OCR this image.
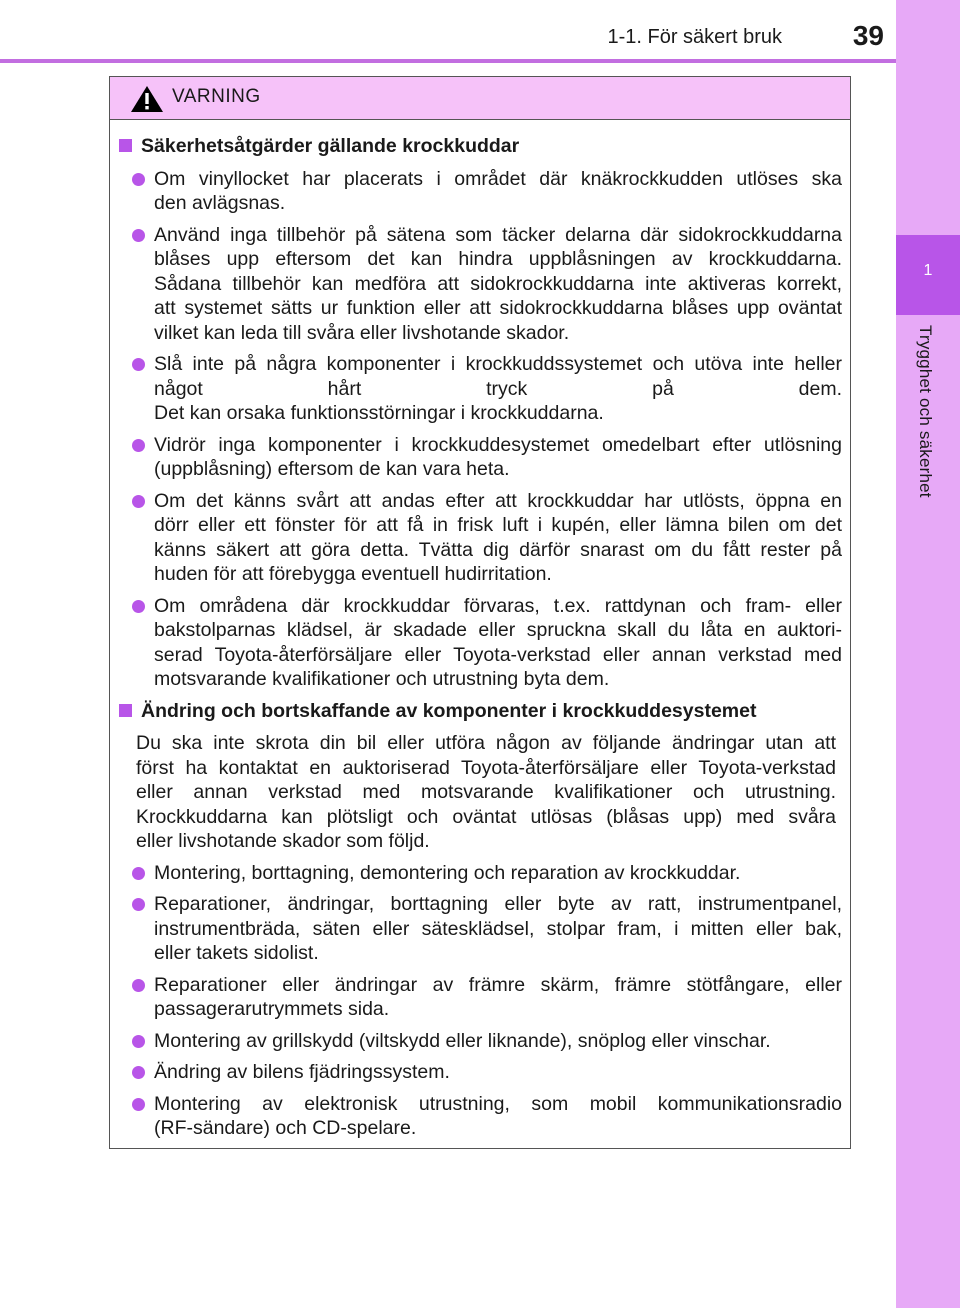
1-1. För säkert bruk	39
1
Trygghet och säkerhet
VARNING
Säkerhetsåtgärder gällande krockkuddar
Om vinyllocket har placerats i området där knäkrockkudden utlöses ska
den avlägsnas.
Använd inga tillbehör på sätena som täcker delarna där sidokrockkuddarna
blåses upp eftersom det kan hindra uppblåsningen av krockkuddarna.
Sådana tillbehör kan medföra att sidokrockkuddarna inte aktiveras korrekt,
att systemet sätts ur funktion eller att sidokrockkuddarna blåses upp oväntat
vilket kan leda till svåra eller livshotande skador.
Slå inte på några komponenter i krockkuddssystemet och utöva inte heller
något hårt tryck på dem.
Det kan orsaka funktionsstörningar i krockkuddarna.
Vidrör inga komponenter i krockkuddesystemet omedelbart efter utlösning
(uppblåsning) eftersom de kan vara heta.
Om det känns svårt att andas efter att krockkuddar har utlösts, öppna en
dörr eller ett fönster för att få in frisk luft i kupén, eller lämna bilen om det
känns säkert att göra detta. Tvätta dig därför snarast om du fått rester på
huden för att förebygga eventuell hudirritation.
Om områdena där krockkuddar förvaras, t.ex. rattdynan och fram- eller
bakstolparnas klädsel, är skadade eller spruckna skall du låta en auktori-
serad Toyota-återförsäljare eller Toyota-verkstad eller annan verkstad med
motsvarande kvalifikationer och utrustning byta dem.
Ändring och bortskaffande av komponenter i krockkuddesystemet
Du ska inte skrota din bil eller utföra någon av följande ändringar utan att
först ha kontaktat en auktoriserad Toyota-återförsäljare eller Toyota-verkstad
eller annan verkstad med motsvarande kvalifikationer och utrustning.
Krockkuddarna kan plötsligt och oväntat utlösas (blåsas upp) med svåra
eller livshotande skador som följd.
Montering, borttagning, demontering och reparation av krockkuddar.
Reparationer, ändringar, borttagning eller byte av ratt, instrumentpanel,
instrumentbräda, säten eller sätesklädsel, stolpar fram, i mitten eller bak,
eller takets sidolist.
Reparationer eller ändringar av främre skärm, främre stötfångare, eller
passagerarutrymmets sida.
Montering av grillskydd (viltskydd eller liknande), snöplog eller vinschar.
Ändring av bilens fjädringssystem.
Montering av elektronisk utrustning, som mobil kommunikationsradio
(RF-sändare) och CD-spelare.
